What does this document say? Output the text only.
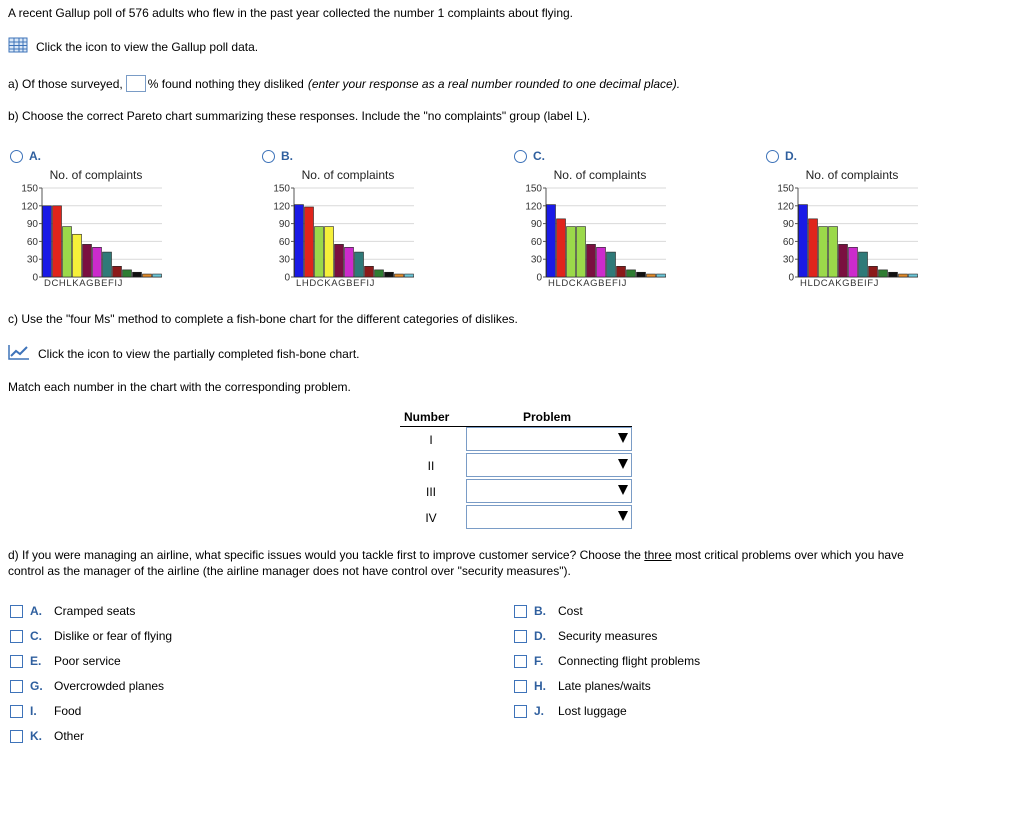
A recent Gallup poll of 576 adults who flew in the past year collected the number 1 complaints about flying.
Click the icon to view the Gallup poll data.
a) Of those surveyed, % found nothing they disliked (enter your response as a real number rounded to one decimal place).
b) Choose the correct Pareto chart summarizing these responses. Include the "no complaints" group (label L).
A.	B.	C.	D.
No. of complaints
0
30
60
90
120
150
DCHLKAGBEFIJ
No. of complaints
0
30
60
90
120
150
LHDCKAGBEFIJ
No. of complaints
0
30
60
90
120
150
HLDCKAGBEFIJ
No. of complaints
0
30
60
90
120
150
HLDCAKGBEIFJ
c) Use the "four Ms" method to complete a fish-bone chart for the different categories of dislikes.
Click the icon to view the partially completed fish-bone chart.
Match each number in the chart with the corresponding problem.
Number	Problem
I	

II	

III	

IV	
d) If you were managing an airline, what specific issues would you tackle first to improve customer service? Choose the three most critical problems over which you have
control as the manager of the airline (the airline manager does not have control over "security measures").
A.	Cramped seats
C.	Dislike or fear of flying
E.	Poor service
G. Overcrowded planes
I.	Food
K.	Other
B.	Cost
D.	Security measures
F.	Connecting flight problems
H.	Late planes/waits
J.	Lost luggage
